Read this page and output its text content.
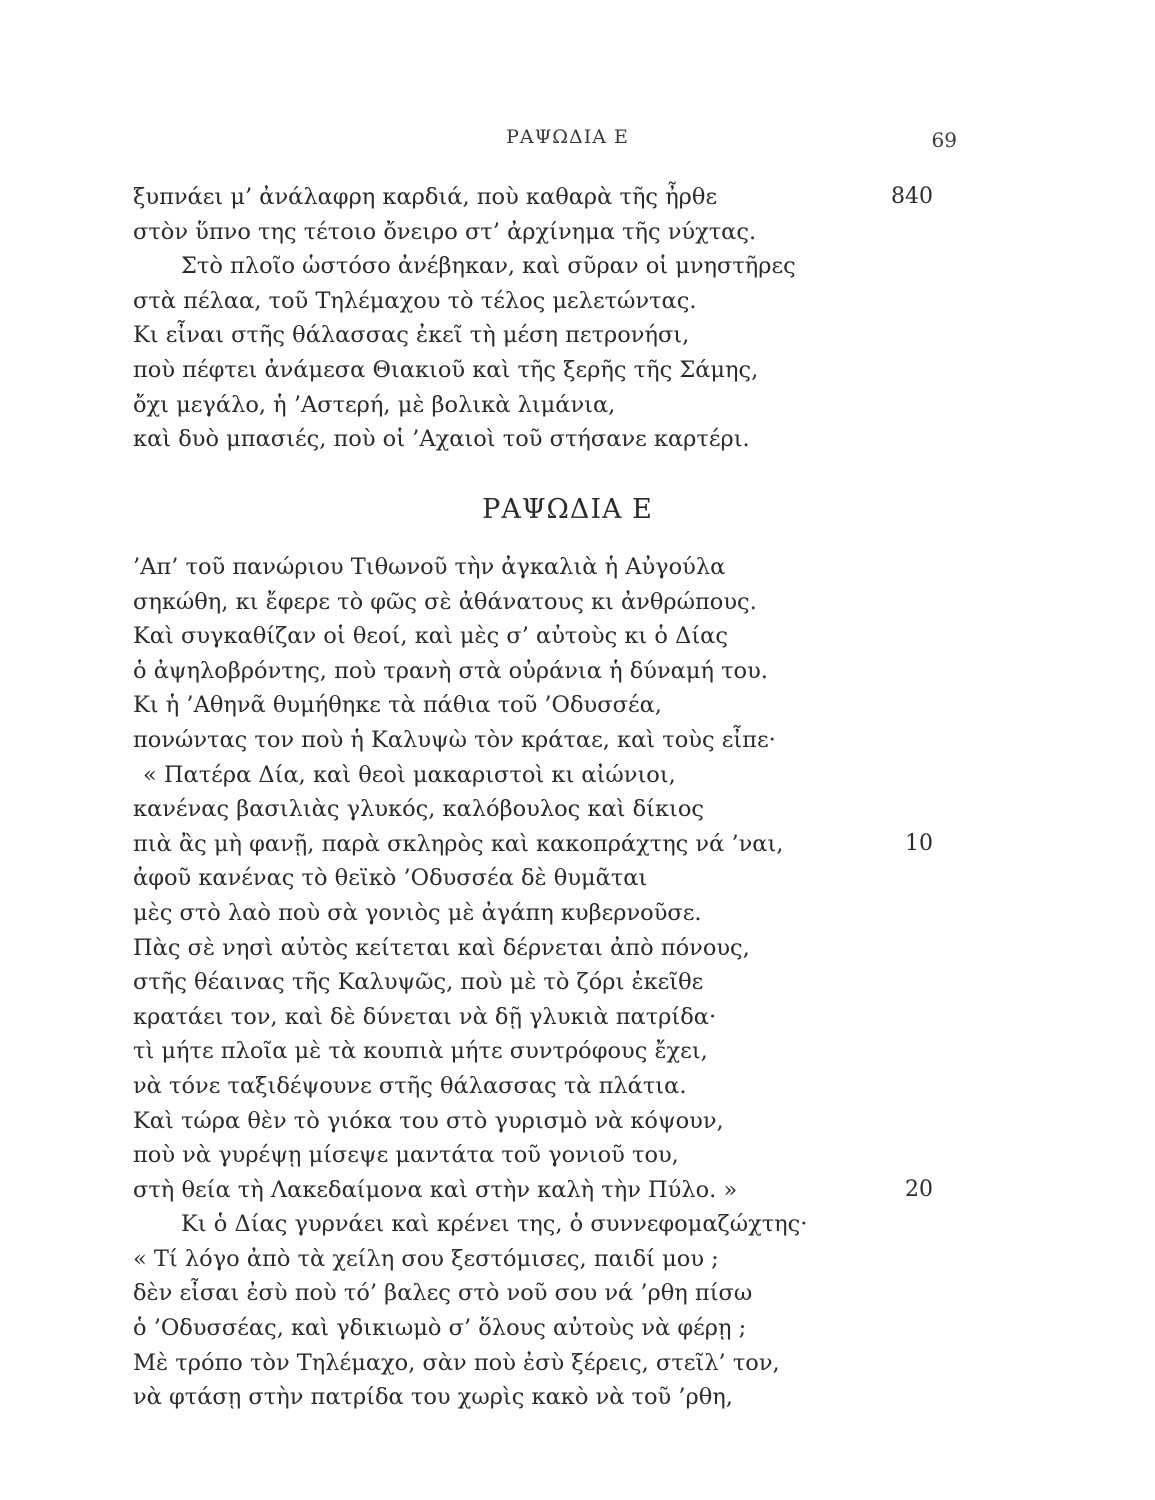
ΡΑΨΩΔΙΑ Ε	69
ξυπνάει μ’ ἀνάλαφρη καρδιά, ποὺ καθαρὰ τῆς ἦρθε	840
στὸν ὕπνο της τέτοιο ὄνειρο στ’ ἀρχίνημα τῆς νύχτας.
Στὸ πλοῖο ὡστόσο ἀνέβηκαν, καὶ σῦραν οἱ μνηστῆρες
στὰ πέλαα, τοῦ Τηλέμαχου τὸ τέλος μελετώντας.
Κι εἶναι στῆς θάλασσας ἐκεῖ τὴ μέση πετρονήσι,
ποὺ πέφτει ἀνάμεσα Θιακιοῦ καὶ τῆς ξερῆς τῆς Σάμης,
ὄχι μεγάλο, ἡ ’Αστερή, μὲ βολικὰ λιμάνια,
καὶ δυὸ μπασιές, ποὺ οἱ ’Αχαιοὶ τοῦ στήσανε καρτέρι.
ΡΑΨΩΔΙΑ Ε
’Απ’ τοῦ πανώριου Τιθωνοῦ τὴν ἀγκαλιὰ ἡ Αὐγούλα
σηκώθη, κι ἔφερε τὸ φῶς σὲ ἀθάνατους κι ἀνθρώπους.
Καὶ συγκαθίζαν οἱ θεοί, καὶ μὲς σ’ αὐτοὺς κι ὁ Δίας
ὁ ἀψηλοβρόντης, ποὺ τρανὴ στὰ οὐράνια ἡ δύναμή του.
Κι ἡ ’Αθηνᾶ θυμήθηκε τὰ πάθια τοῦ ’Οδυσσέα,
πονώντας τον ποὺ ἡ Καλυψὼ τὸν κράταε, καὶ τοὺς εἶπε·
« Πατέρα Δία, καὶ θεοὶ μακαριστοὶ κι αἰώνιοι,
κανένας βασιλιὰς γλυκός, καλόβουλος καὶ δίκιος
πιὰ ἂς μὴ φανῇ, παρὰ σκληρὸς καὶ κακοπράχτης νά ’ναι,	10
ἀφοῦ κανένας τὸ θεϊκὸ ’Οδυσσέα δὲ θυμᾶται
μὲς στὸ λαὸ ποὺ σὰ γονιὸς μὲ ἀγάπη κυβερνοῦσε.
Πὰς σὲ νησὶ αὐτὸς κείτεται καὶ δέρνεται ἀπὸ πόνους,
στῆς θέαινας τῆς Καλυψῶς, ποὺ μὲ τὸ ζόρι ἐκεῖθε
κρατάει τον, καὶ δὲ δύνεται νὰ δῇ γλυκιὰ πατρίδα·
τὶ μήτε πλοῖα μὲ τὰ κουπιὰ μήτε συντρόφους ἔχει,
νὰ τόνε ταξιδέψουνε στῆς θάλασσας τὰ πλάτια.
Καὶ τώρα θὲν τὸ γιόκα του στὸ γυρισμὸ νὰ κόψουν,
ποὺ νὰ γυρέψῃ μίσεψε μαντάτα τοῦ γονιοῦ του,
στὴ θεία τὴ Λακεδαίμονα καὶ στὴν καλὴ τὴν Πύλο. »	20
Κι ὁ Δίας γυρνάει καὶ κρένει της, ὁ συννεφομαζώχτης·
« Τί λόγο ἀπὸ τὰ χείλη σου ξεστόμισες, παιδί μου ;
δὲν εἶσαι ἐσὺ ποὺ τό’ βαλες στὸ νοῦ σου νά ’ρθη πίσω
ὁ ’Οδυσσέας, καὶ γδικιωμὸ σ’ ὅλους αὐτοὺς νὰ φέρῃ ;
Μὲ τρόπο τὸν Τηλέμαχο, σὰν ποὺ ἐσὺ ξέρεις, στεῖλ’ τον,
νὰ φτάσῃ στὴν πατρίδα του χωρὶς κακὸ νὰ τοῦ ’ρθη,
